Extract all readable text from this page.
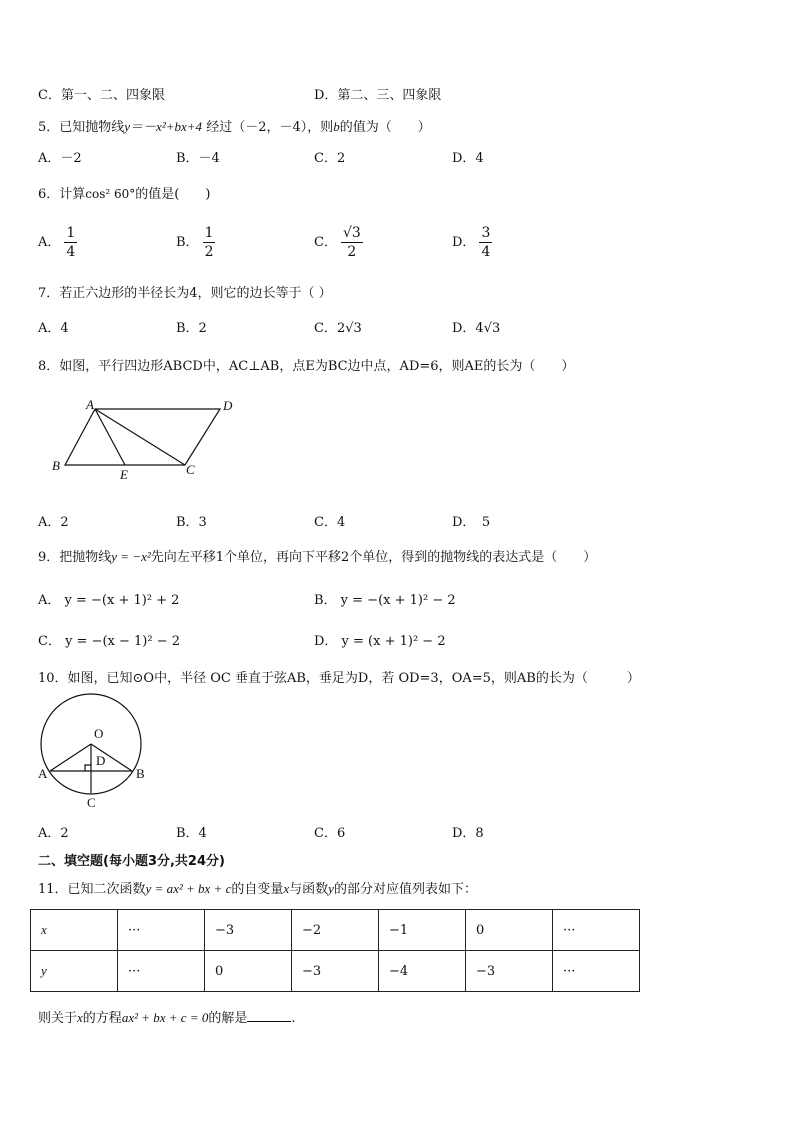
C．第一、二、四象限	D．第二、三、四象限
5．已知抛物线y＝－x²+bx+4 经过（－2，－4），则b的值为（　　）
A．－2	B．－4	C．2	D．4
6．计算cos² 60°的值是(　　)
A． $\frac{1}{4}$	B． $\frac{1}{2}$	C． $\frac{√3}{2}$	D． $\frac{3}{4}$
7．若正六边形的半径长为4，则它的边长等于（ ）
A．4	B．2	C．2√3	D．4√3
8．如图，平行四边形ABCD中，AC⊥AB，点E为BC边中点，AD=6，则AE的长为（　　）
A	D
B
E	C
A．2	B．3	C．4	D．　5
9．把抛物线y = −x²先向左平移1个单位，再向下平移2个单位，得到的抛物线的表达式是（　　）
A． y = −(x + 1)² + 2	B． y = −(x + 1)² − 2
C． y = −(x − 1)² − 2	D． y = (x + 1)² − 2
10．如图，已知⊙O中，半径 OC 垂直于弦AB，垂足为D，若 OD=3，OA=5，则AB的长为（　　　）
O
D
A	B
C
A．2	B．4	C．6	D．8
二、填空题(每小题3分,共24分)
11．已知二次函数y = ax² + bx + c的自变量x与函数y的部分对应值列表如下：
x	···	−3	−2	−1	0	···
y	···	0	−3	−4	−3	···
则关于x的方程ax² + bx + c = 0的解是	.
